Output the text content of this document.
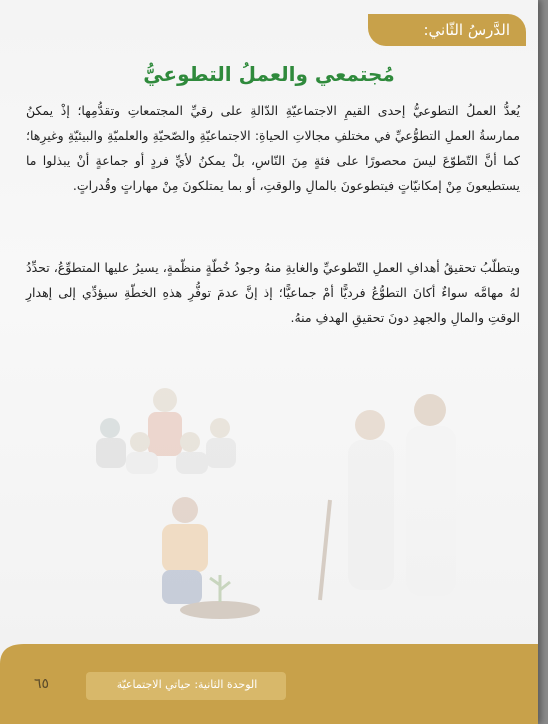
الدَّرسُ الثّاني:
مُجتمعي والعملُ التطوعيُّ
يُعدُّ العملُ التطوعيُّ إحدى القيمِ الاجتماعيّةِ الدّالةِ على رقيِّ المجتمعاتِ وتقدُّمِها؛ إذْ يمكنُ ممارسةُ العملِ التطوُّعيِّ في مختلفِ مجالاتِ الحياةِ: الاجتماعيّةِ والصّحيّةِ والعلميّةِ والبيئيّةِ وغيرِها؛ كما أنَّ التّطوّعَ ليسَ محصورًا على فئةٍ مِنَ النّاسِ، بلْ يمكنُ لأيِّ فردٍ أو جماعةٍ أنْ يبذلوا ما يستطيعونَ مِنْ إمكانيّاتٍ فيتطوعونَ بالمالِ والوقتِ، أو بما يمتلكونَ مِنْ مهاراتٍ وقُدراتٍ.
ويتطلّبُ تحقيقُ أهدافِ العملِ التّطوعيِّ والغايةِ منهُ وجودُ خُطّةٍ منظّمةٍ، يسيرُ عليها المتطوِّعُ، تحدِّدُ لهُ مهامَّه سواءٌ أكانَ التطوُّعُ فرديًّا أمْ جماعيًّا؛ إذ إنَّ عدمَ توفُّرِ هذهِ الخطّةِ سيؤدِّي إلى إهدارِ الوقتِ والمالِ والجهدِ دونَ تحقيقِ الهدفِ منهُ.
٦٥	الوحدة الثانية: حياتي الاجتماعيّة
